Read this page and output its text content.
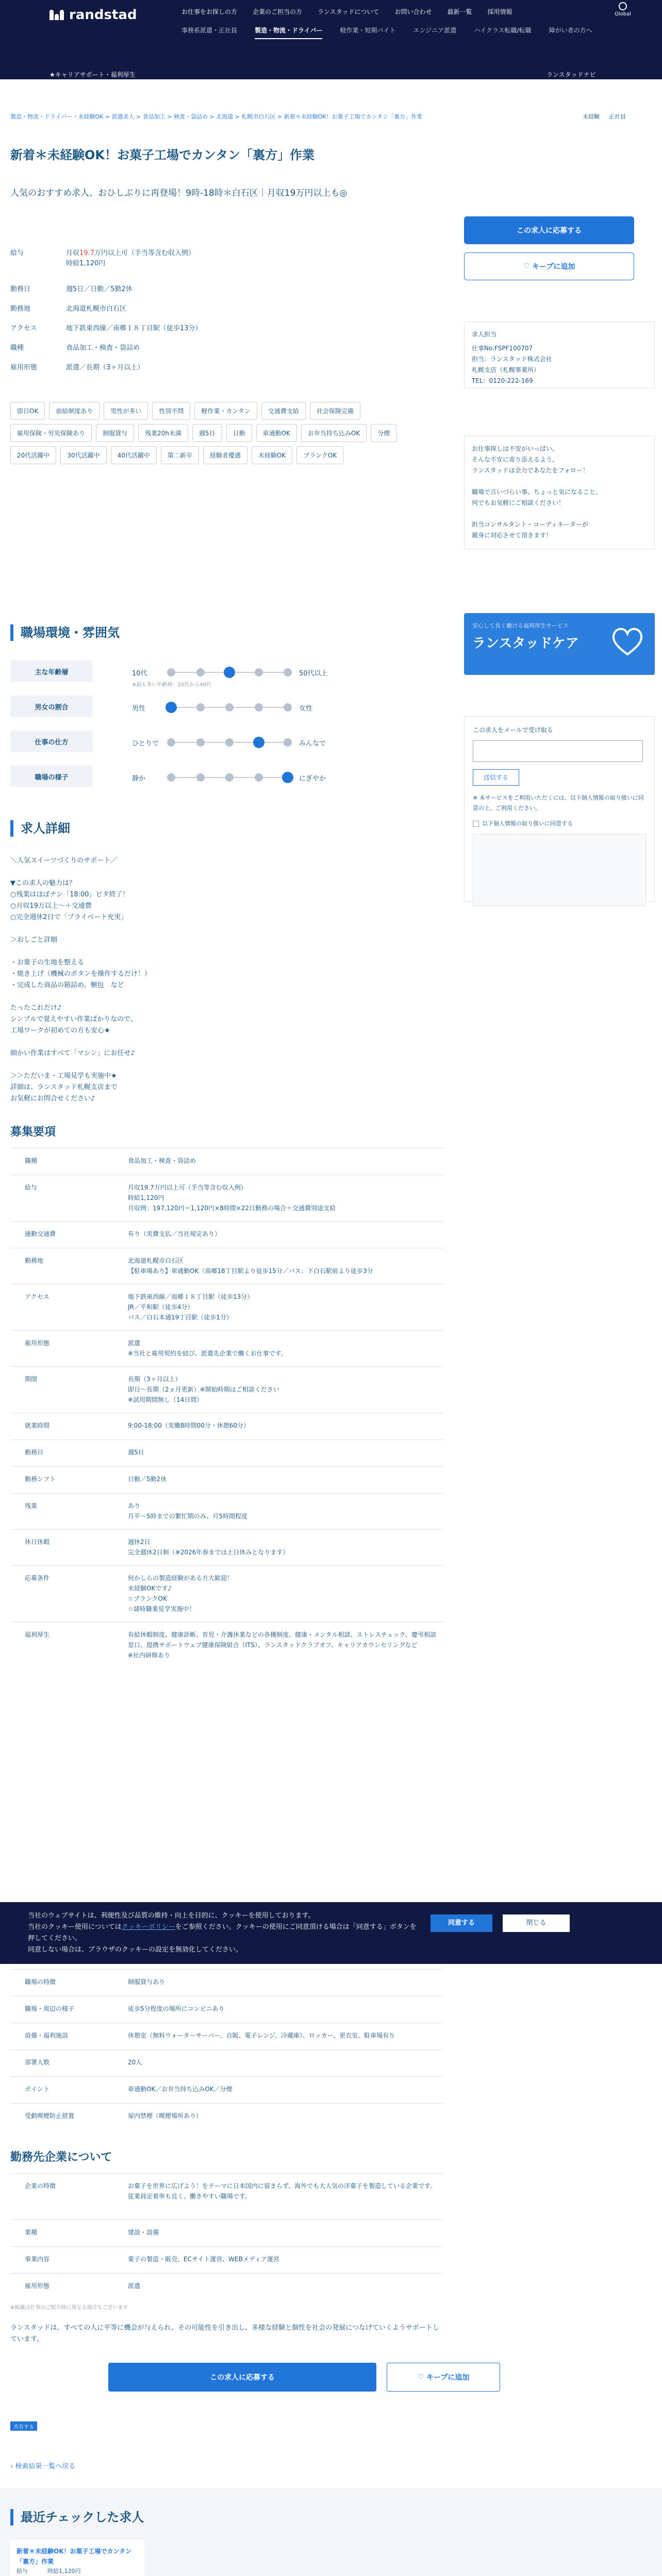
randstad	お仕事をお探しの方	企業のご担当の方	ランスタッドについて	お問い合わせ	最新一覧	採用情報
事務系派遣・正社員	製造・物流・ドライバー	軽作業・短期バイト	エンジニア派遣	ハイクラス転職/転職	障がい者の方へ
Global
製造・物流・ドライバー・未経験OK > 派遣求人 > 食品加工 > 検査・袋詰め > 北海道 > 札幌市白石区 > 新着＊未経験OK！お菓子工場でカンタン「裏方」作業	未経験 正社員
★キャリアサポート・福利厚生	ランスタッドナビ
新着＊未経験OK！お菓子工場でカンタン「裏方」作業
人気のおすすめ求人、おひしぶりに再登場！9時-18時＊白石区｜月収19万円以上も◎
給与	月収19.7万円以上可（手当等含む収入例）
時給1,120円
勤務日	週5日／日勤／5勤2休
勤務地	北海道札幌市白石区
アクセス	地下鉄東西線／南郷１８丁目駅（徒歩13分）
職種	食品加工・検査・袋詰め
雇用形態	派遣／長期（3ヶ月以上）
即日OK	前給制度あり	男性が多い	性別不問	軽作業・カンタン	交通費支給	社会保険完備
雇用保険・労災保険あり	制服貸与	残業20h未満	週5日	日勤	車通勤OK	お弁当持ち込みOK	分煙
20代活躍中	30代活躍中	40代活躍中	第二新卒	経験者優遇	未経験OK	ブランクOK
この求人に応募する
♡ キープに追加
求人担当
仕事No.FSPF100707
担当：ランスタッド株式会社
札幌支店（札幌事業所）
TEL：0120-222-169
お仕事探しは不安がいっぱい。
そんな不安に寄り添えるよう、
ランスタッドは全力であなたをフォロー！
職場で言いづらい事、ちょっと気になること、
何でもお気軽にご相談ください！
担当コンサルタント・コーディネーターが
親身に対応させて頂きます！
安心して長く働ける福利厚生サービス
ランスタッドケア
この求人をメールで受け取る
送信する
※ 本サービスをご利用いただくには、以下個人情報の取り扱いに同意の上、ご利用ください。
以下個人情報の取り扱いに同意する
職場環境・雰囲気
主な年齢層	10代	50代以上
※最も多い年齢層：20代から40代
男女の割合	男性	女性
仕事の仕方	ひとりで	みんなで
職場の様子	静か	にぎやか
求人詳細
＼人気スイーツづくりのサポート／

▼この求人の魅力は？
○残業はほぼナシ「18:00」ピタ終了！
○月収19万以上～＋交通費
○完全週休2日で「プライベート充実」

＞おしごと詳細

・お菓子の生地を整える
・焼き上げ（機械のボタンを操作するだけ！）
・完成した商品の箱詰め、梱包　など

たったこれだけ♪
シンプルで覚えやすい作業ばかりなので、
工場ワークが初めての方も安心★

細かい作業はすべて「マシン」にお任せ♪

＞＞ただいま・工場見学も実施中★
詳細は、ランスタッド札幌支店まで
お気軽にお問合せください♪
募集要項
職種	食品加工・検査・袋詰め
給与	月収19.7万円以上可（手当等含む収入例）
時給1,120円
月収例：197,120円＝1,120円×8時間×22日勤務の場合＋交通費別途支給
通勤交通費	有り（実費支払／当社規定あり）
勤務地	北海道札幌市白石区
【駐車場あり】車通勤OK（南郷18丁目駅より徒歩15分／バス：下白石駅前より徒歩3分
アクセス	地下鉄東西線／南郷１８丁目駅（徒歩13分）
JR／平和駅（徒歩4分）
バス／白石本通19丁目駅（徒歩1分）
雇用形態	派遣
※当社と雇用契約を結び、派遣先企業で働くお仕事です。
期間	長期（3ヶ月以上）
即日～長期（2ヵ月更新）※開始時期はご相談ください
※試用期間無し（14日間）
就業時間	9:00-18:00（実働8時間00分・休憩60分）
勤務日	週5日
勤務シフト	日勤／5勤2休
残業	あり
月平～5時までの繁忙期のみ、月5時間程度
休日休暇	週休2日
完全週休2日制（※2026年春までは土日休みとなります）
応募条件	何かしらの製造経験がある方大歓迎！
未経験OKです♪
☆ブランクOK
☆諸時職業見学実施中！
福利厚生	有給休暇制度、健康診断、育児・介護休業などの各種制度、健康・メンタル相談、ストレスチェック、慶弔相談窓口、提携サポートウェブ健康保険組合（ITS）、ランスタッドクラブオフ、キャリアカウンセリングなど
※社内研修あり
当社のウェブサイトは、利便性及び品質の維持・向上を目的に、クッキーを使用しております。
当社のクッキー使用についてはクッキーポリシーをご参照ください。クッキーの使用にご同意頂ける場合は「同意する」ボタンを押してください。
同意しない場合は、ブラウザのクッキーの設定を無効化してください。
同意する	閉じる
職場の特徴	制服貸与あり
職場・周辺の様子	徒歩5分程度の場所にコンビニあり
設備・福利施設	休憩室（無料ウォーターサーバー、自販、電子レンジ、冷蔵庫）、ロッカー、更衣室、駐車場有り
部署人数	20人
ポイント	車通勤OK／お弁当持ち込みOK／分煙
受動喫煙防止措置	屋内禁煙（喫煙場所あり）
勤務先企業について
企業の特徴	お菓子を世界に広げよう！をテーマに日本国内に留まらず、海外でも大人気の洋菓子を製造している企業です。
従業員定着率も良く、働きやすい職場です。
業種	建設・設備
事業内容	菓子の製造・販売、ECサイト運営、WEBメディア運営
雇用形態	派遣
※掲載は仕事のご紹介時に異なる場合もございます
ランスタッドは、すべての人に平等に機会が与えられ、その可能性を引き出し、多様な経験と個性を社会の発展につなげていくようサポートしています。
この求人に応募する	♡ キープに追加
共有する
‹ 検索結果一覧へ戻る
最近チェックした求人
新着＊未経験OK！お菓子工場でカンタン「裏方」作業
給与	時給1,120円
